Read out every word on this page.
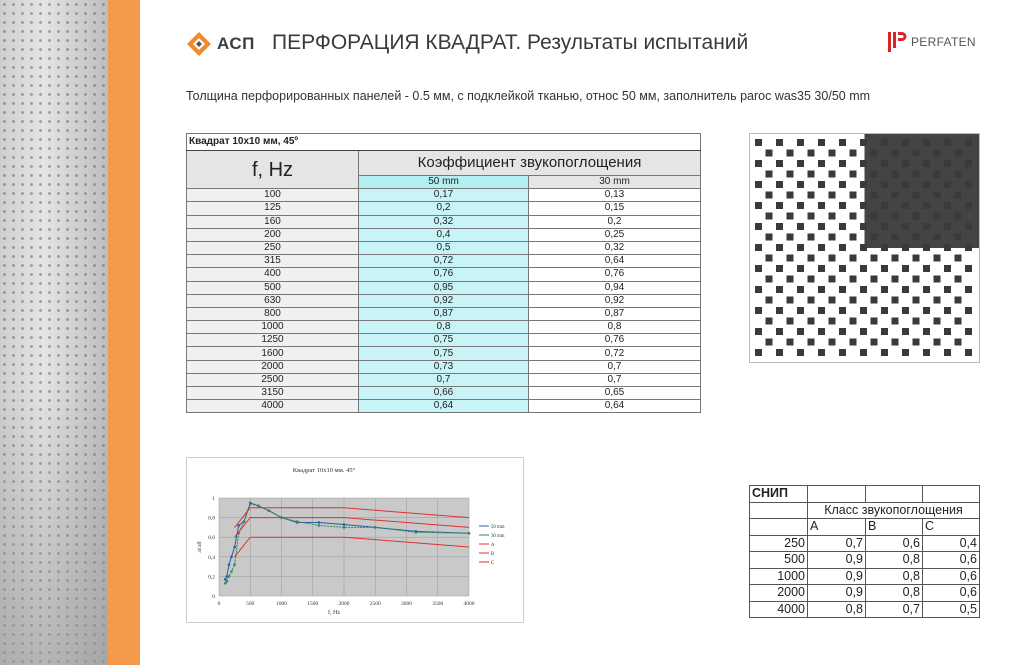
АСП ПЕРФОРАЦИЯ КВАДРАТ. Результаты испытаний	PERFATEN
Толщина перфорированных панелей - 0.5 мм, с подклейкой тканью, относ 50 мм, заполнитель paroc was35 30/50 mm
Квадрат 10x10 мм, 45º		
f, Hz	Коэффициент звукопоглощения	
	50 mm	30 mm
100	0,17	0,13
125	0,2	0,15
160	0,32	0,2
200	0,4	0,25
250	0,5	0,32
315	0,72	0,64
400	0,76	0,76
500	0,95	0,94
630	0,92	0,92
800	0,87	0,87
1000	0,8	0,8
1250	0,75	0,76
1600	0,75	0,72
2000	0,73	0,7
2500	0,7	0,7
3150	0,66	0,65
4000	0,64	0,64
Квадрат 10х10 мм. 45°
0
0,2
0,4
0,6
0,8
1
0	500	1000	1500	2000	2500	3000	3500	4000
f, Hz
ab'aff
50 mm
30 mm
A
B
C
СНИП			
	Класс звукопоглощения		
	A	B	C
250	0,7	0,6	0,4
500	0,9	0,8	0,6
1000	0,9	0,8	0,6
2000	0,9	0,8	0,6
4000	0,8	0,7	0,5
